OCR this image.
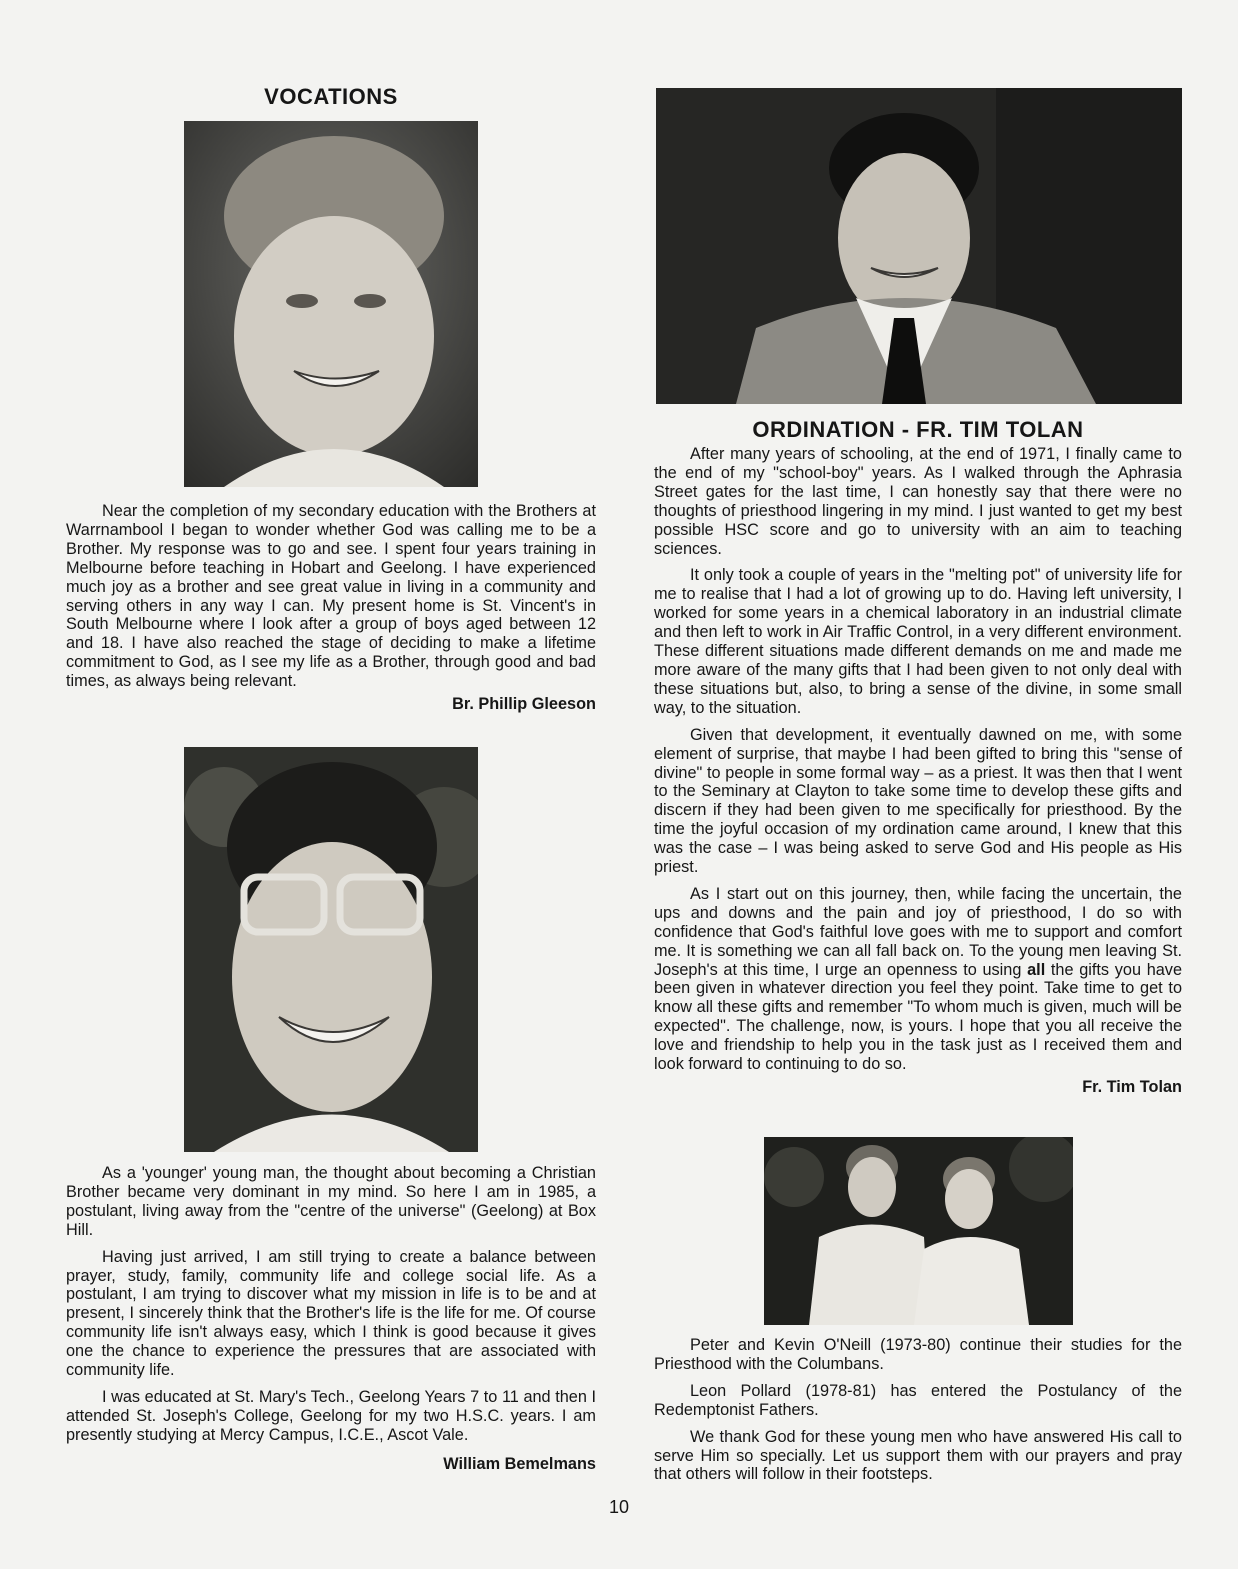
VOCATIONS

Near the completion of my secondary education with the Brothers at Warrnambool I began to wonder whether God was calling me to be a Brother. My response was to go and see. I spent four years training in Melbourne before teaching in Hobart and Geelong. I have experienced much joy as a brother and see great value in living in a community and serving others in any way I can. My present home is St. Vincent's in South Melbourne where I look after a group of boys aged between 12 and 18. I have also reached the stage of deciding to make a lifetime commitment to God, as I see my life as a Brother, through good and bad times, as always being relevant.

Br. Phillip Gleeson

As a 'younger' young man, the thought about becoming a Christian Brother became very dominant in my mind. So here I am in 1985, a postulant, living away from the "centre of the universe" (Geelong) at Box Hill.

Having just arrived, I am still trying to create a balance between prayer, study, family, community life and college social life. As a postulant, I am trying to discover what my mission in life is to be and at present, I sincerely think that the Brother's life is the life for me. Of course community life isn't always easy, which I think is good because it gives one the chance to experience the pressures that are associated with community life.

I was educated at St. Mary's Tech., Geelong Years 7 to 11 and then I attended St. Joseph's College, Geelong for my two H.S.C. years. I am presently studying at Mercy Campus, I.C.E., Ascot Vale.

William Bemelmans
ORDINATION - FR. TIM TOLAN

After many years of schooling, at the end of 1971, I finally came to the end of my "school-boy" years. As I walked through the Aphrasia Street gates for the last time, I can honestly say that there were no thoughts of priesthood lingering in my mind. I just wanted to get my best possible HSC score and go to university with an aim to teaching sciences.

It only took a couple of years in the "melting pot" of university life for me to realise that I had a lot of growing up to do. Having left university, I worked for some years in a chemical laboratory in an industrial climate and then left to work in Air Traffic Control, in a very different environment. These different situations made different demands on me and made me more aware of the many gifts that I had been given to not only deal with these situations but, also, to bring a sense of the divine, in some small way, to the situation.

Given that development, it eventually dawned on me, with some element of surprise, that maybe I had been gifted to bring this "sense of divine" to people in some formal way – as a priest. It was then that I went to the Seminary at Clayton to take some time to develop these gifts and discern if they had been given to me specifically for priesthood. By the time the joyful occasion of my ordination came around, I knew that this was the case – I was being asked to serve God and His people as His priest.

As I start out on this journey, then, while facing the uncertain, the ups and downs and the pain and joy of priesthood, I do so with confidence that God's faithful love goes with me to support and comfort me. It is something we can all fall back on. To the young men leaving St. Joseph's at this time, I urge an openness to using all the gifts you have been given in whatever direction you feel they point. Take time to get to know all these gifts and remember "To whom much is given, much will be expected". The challenge, now, is yours. I hope that you all receive the love and friendship to help you in the task just as I received them and look forward to continuing to do so.

Fr. Tim Tolan

Peter and Kevin O'Neill (1973-80) continue their studies for the Priesthood with the Columbans.

Leon Pollard (1978-81) has entered the Postulancy of the Redemptonist Fathers.

We thank God for these young men who have answered His call to serve Him so specially. Let us support them with our prayers and pray that others will follow in their footsteps.

10
